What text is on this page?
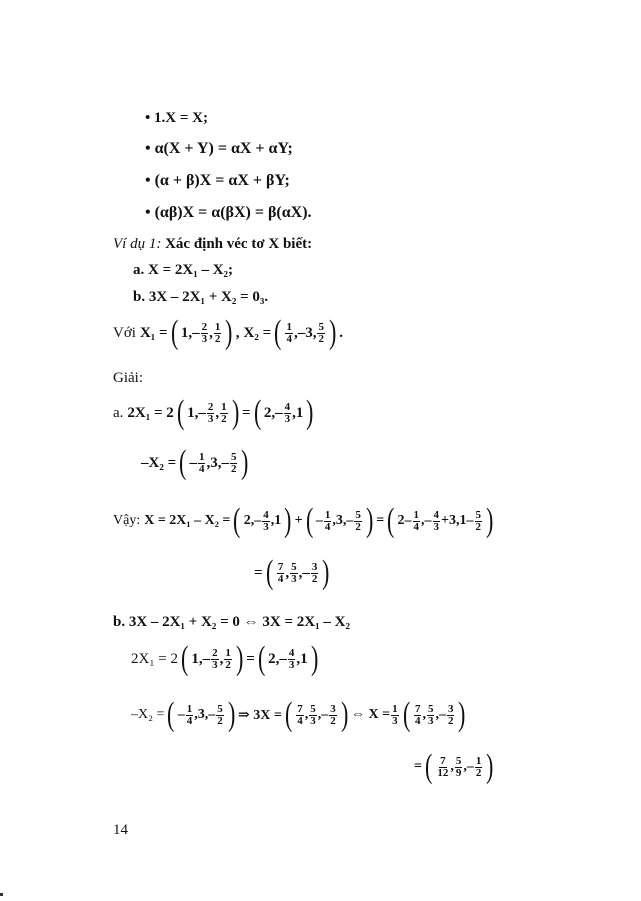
• 1.X = X;
• α(X + Y) = αX + αY;
• (α + β)X = αX + βY;
• (αβ)X = α(βX) = β(αX).
Ví dụ 1: Xác định véc tơ X biết:
a. X = 2X₁ – X₂;
b. 3X – 2X₁ + X₂ = 0₃.
Với X₁ = ( $1,- \frac{2}{3}$ , $\frac{1}{2}$ ) , X₂ = ( $\frac{1}{4} ,-3$, $\frac{5}{2}$ ) .
Giải:
a. 2X₁ = 2 ( $1,- \frac{2}{3}$ , $\frac{1}{2}$ ) = ( $2,- \frac{4}{3} ,1$ )
–X₂ = ( – $\frac{1}{4} ,3,- \frac{5}{2}$ )
Vậy: X = 2X₁ – X₂ = ( $2,- \frac{4}{3} ,1$ ) + ( – $\frac{1}{4} ,3,- \frac{5}{2}$ ) = ( $2- \frac{1}{4}$ ,– $\frac{4}{3} +3,1- \frac{5}{2}$ )
= ( $\frac{7}{4}$ , $\frac{5}{3}$ ,– $\frac{3}{2}$ )
b. 3X – 2X₁ + X₂ = 0 ⇔ 3X = 2X₁ – X₂
2X₁ = 2 ( $1,- \frac{2}{3}$ , $\frac{1}{2}$ ) = ( $2,- \frac{4}{3} ,1$ )
–X₂ = ( – $\frac{1}{4} ,3,- \frac{5}{2}$ ) ⇒ 3X = ( $\frac{7}{4}$ , $\frac{5}{3}$ ,– $\frac{3}{2}$ ) ⇔ $X = \frac{1}{3}$ ( $\frac{7}{4}$ , $\frac{5}{3}$ ,– $\frac{3}{2}$ )
= ( $\frac{7}{12}$ , $\frac{5}{9}$ ,– $\frac{1}{2}$ )
14
